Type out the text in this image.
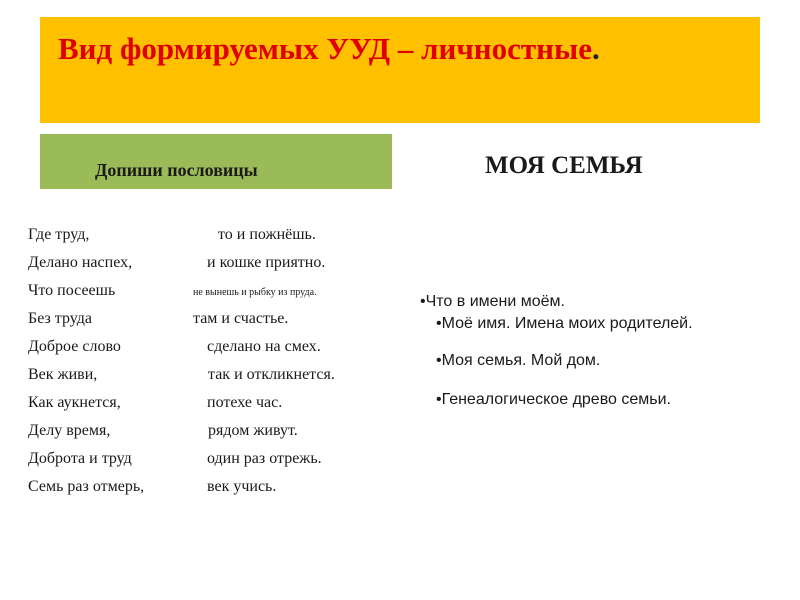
Вид формируемых УУД – личностные.
Допиши пословицы	МОЯ СЕМЬЯ
Где труд,	то и пожнёшь.
Делано наспех,	и кошке приятно.
Что посеешь	не вынешь и рыбку из пруда.
Без труда	там и счастье.
Доброе слово	сделано на смех.
Век живи,	так и откликнется.
Как аукнется,	потехе час.
Делу время,	рядом живут.
Доброта и труд	один раз отрежь.
Семь раз отмерь,	век учись.
•Что в имени моём.
•Моё имя. Имена моих родителей.
•Моя семья. Мой дом.
•Генеалогическое древо семьи.
